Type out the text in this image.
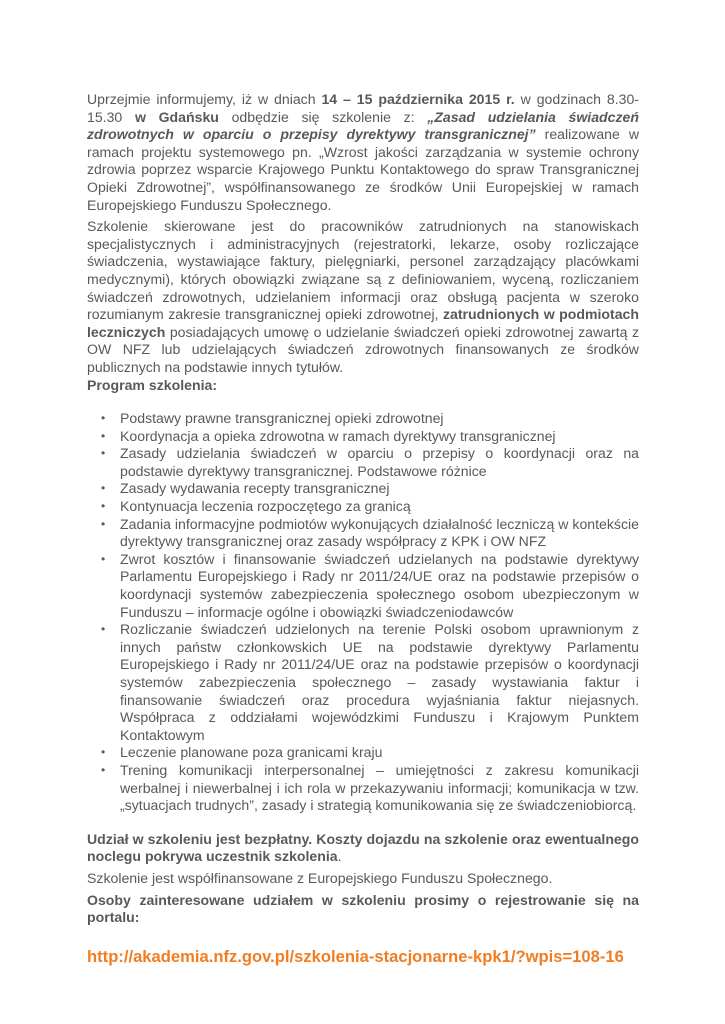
Uprzejmie informujemy, iż w dniach 14 – 15 października 2015 r. w godzinach 8.30-15.30 w Gdańsku odbędzie się szkolenie z: „Zasad udzielania świadczeń zdrowotnych w oparciu o przepisy dyrektywy transgranicznej” realizowane w ramach projektu systemowego pn. „Wzrost jakości zarządzania w systemie ochrony zdrowia poprzez wsparcie Krajowego Punktu Kontaktowego do spraw Transgranicznej Opieki Zdrowotnej”, współfinansowanego ze środków Unii Europejskiej w ramach Europejskiego Funduszu Społecznego.

Szkolenie skierowane jest do pracowników zatrudnionych na stanowiskach specjalistycznych i administracyjnych (rejestratorki, lekarze, osoby rozliczające świadczenia, wystawiające faktury, pielęgniarki, personel zarządzający placówkami medycznymi), których obowiązki związane są z definiowaniem, wyceną, rozliczaniem świadczeń zdrowotnych, udzielaniem informacji oraz obsługą pacjenta w szeroko rozumianym zakresie transgranicznej opieki zdrowotnej, zatrudnionych w podmiotach leczniczych posiadających umowę o udzielanie świadczeń opieki zdrowotnej zawartą z OW NFZ lub udzielających świadczeń zdrowotnych finansowanych ze środków publicznych na podstawie innych tytułów.

Program szkolenia:

• Podstawy prawne transgranicznej opieki zdrowotnej
• Koordynacja a opieka zdrowotna w ramach dyrektywy transgranicznej
• Zasady udzielania świadczeń w oparciu o przepisy o koordynacji oraz na podstawie dyrektywy transgranicznej. Podstawowe różnice
• Zasady wydawania recepty transgranicznej
• Kontynuacja leczenia rozpoczętego za granicą
• Zadania informacyjne podmiotów wykonujących działalność leczniczą w kontekście dyrektywy transgranicznej oraz zasady współpracy z KPK i OW NFZ
• Zwrot kosztów i finansowanie świadczeń udzielanych na podstawie dyrektywy Parlamentu Europejskiego i Rady nr 2011/24/UE oraz na podstawie przepisów o koordynacji systemów zabezpieczenia społecznego osobom ubezpieczonym w Funduszu – informacje ogólne i obowiązki świadczeniodawców
• Rozliczanie świadczeń udzielonych na terenie Polski osobom uprawnionym z innych państw członkowskich UE na podstawie dyrektywy Parlamentu Europejskiego i Rady nr 2011/24/UE oraz na podstawie przepisów o koordynacji systemów zabezpieczenia społecznego – zasady wystawiania faktur i finansowanie świadczeń oraz procedura wyjaśniania faktur niejasnych. Współpraca z oddziałami wojewódzkimi Funduszu i Krajowym Punktem Kontaktowym
• Leczenie planowane poza granicami kraju
• Trening komunikacji interpersonalnej – umiejętności z zakresu komunikacji werbalnej i niewerbalnej i ich rola w przekazywaniu informacji; komunikacja w tzw. „sytuacjach trudnych”, zasady i strategią komunikowania się ze świadczeniobiorcą.

Udział w szkoleniu jest bezpłatny. Koszty dojazdu na szkolenie oraz ewentualnego noclegu pokrywa uczestnik szkolenia.

Szkolenie jest współfinansowane z Europejskiego Funduszu Społecznego.

Osoby zainteresowane udziałem w szkoleniu prosimy o rejestrowanie się na portalu:

http://akademia.nfz.gov.pl/szkolenia-stacjonarne-kpk1/?wpis=108-16
